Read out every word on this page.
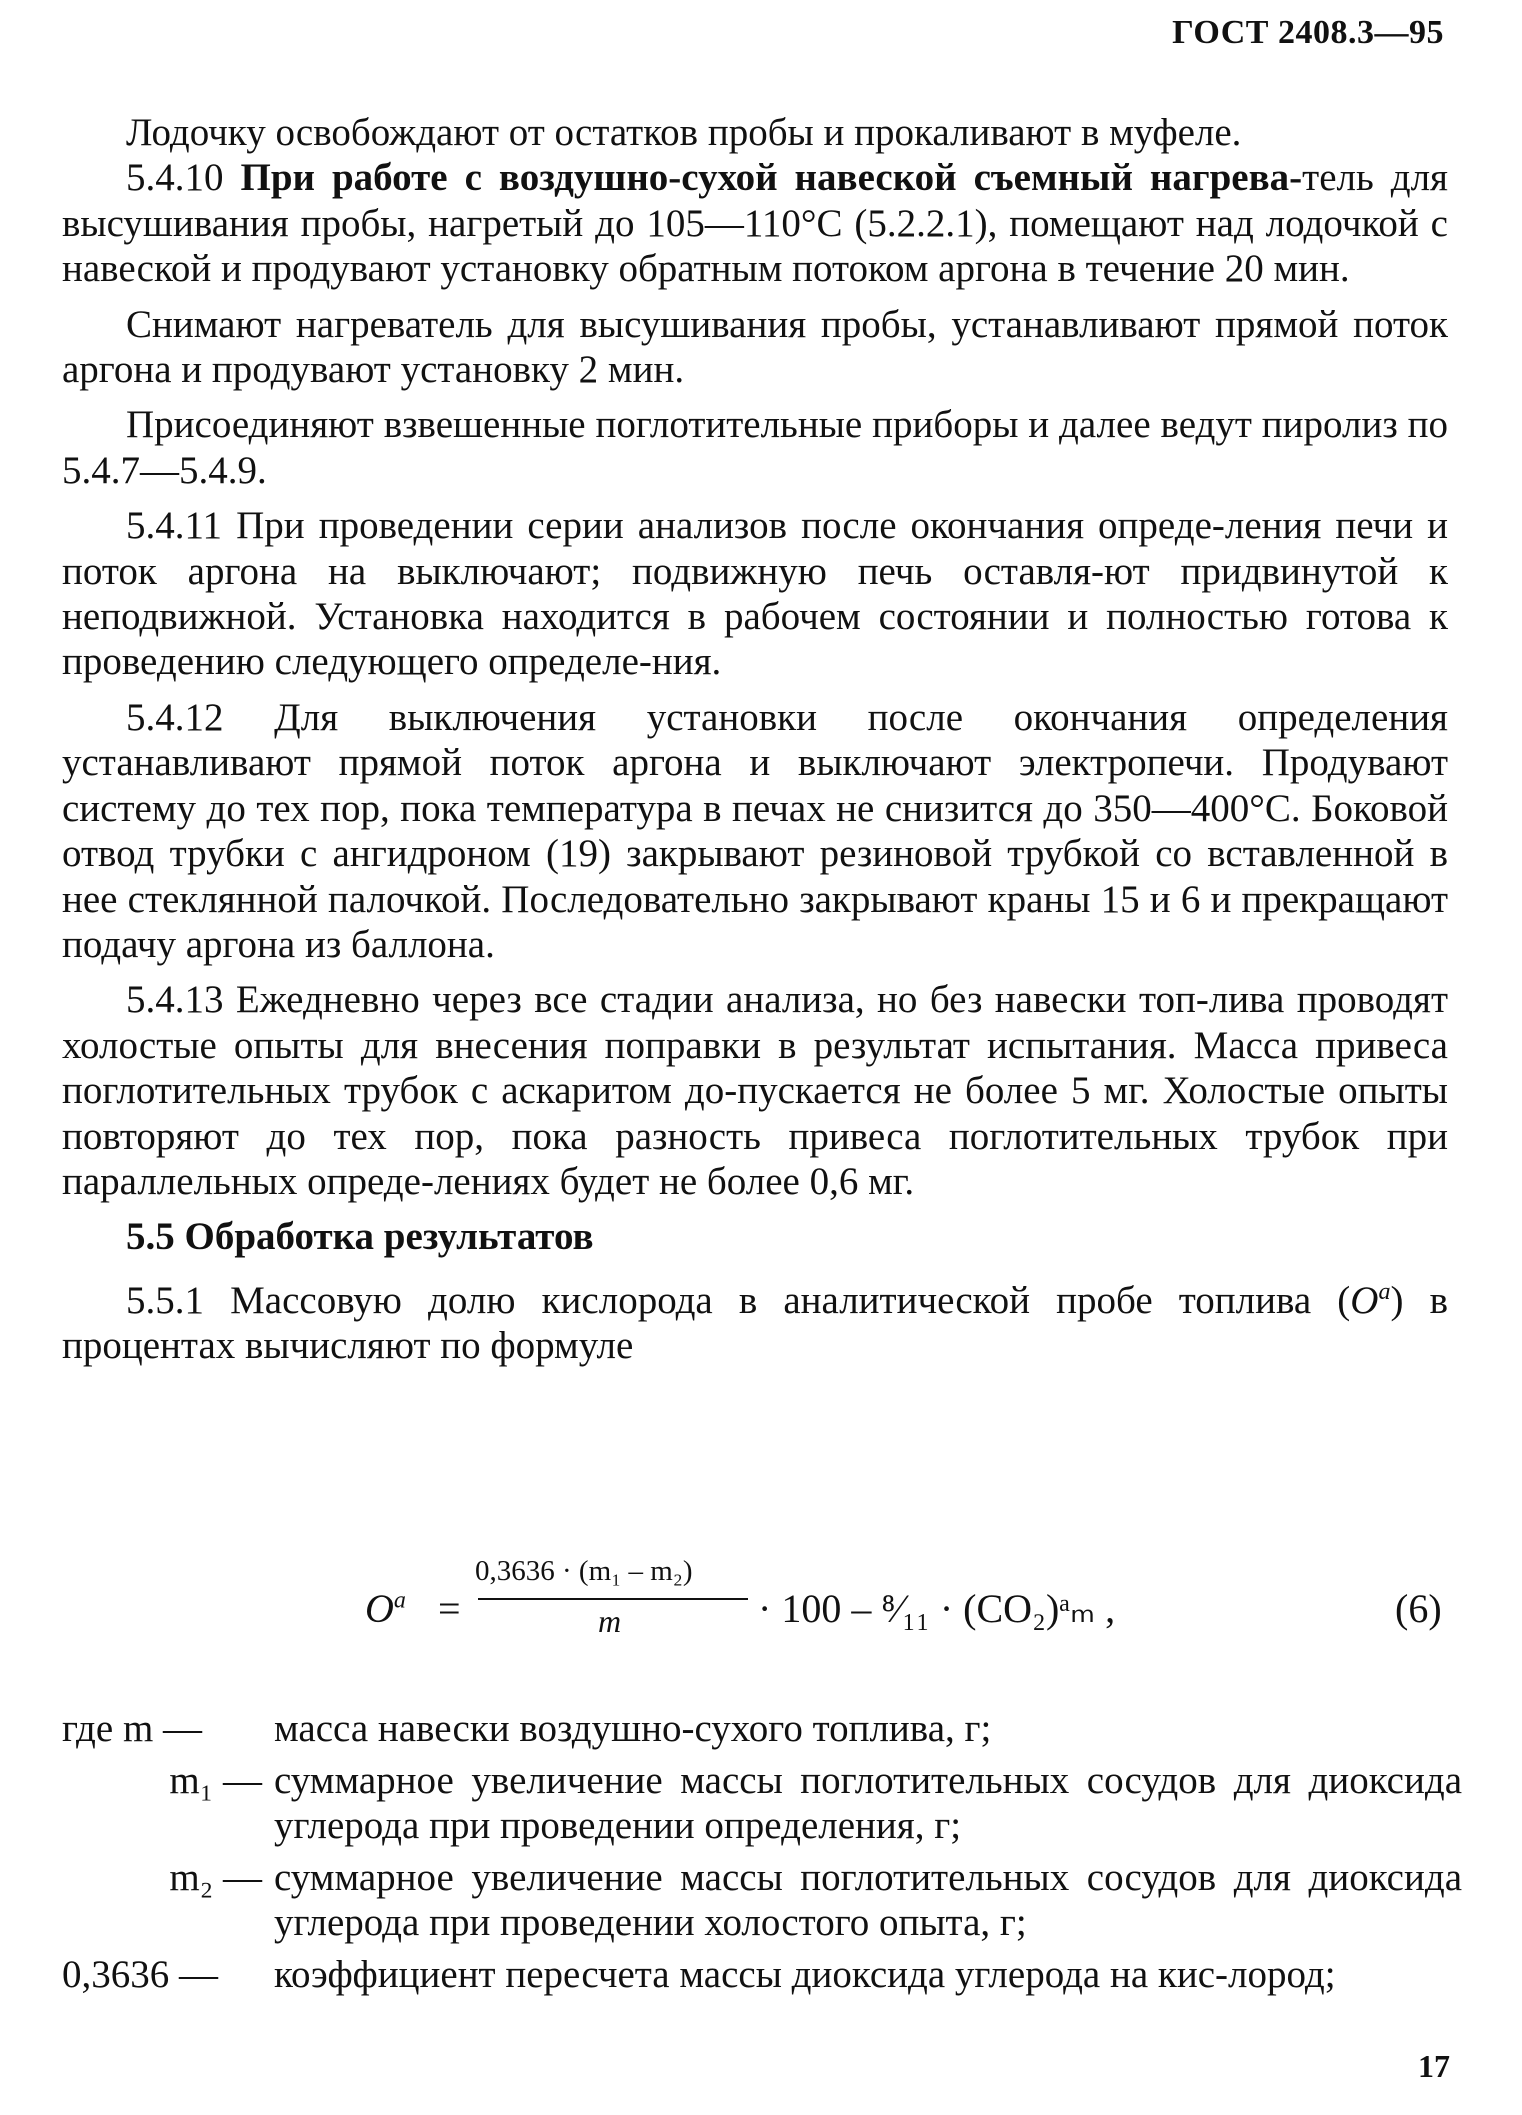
ГОСТ 2408.3—95

Лодочку освобождают от остатков пробы и прокаливают в муфеле.

5.4.10 При работе с воздушно-сухой навеской съемный нагрева-тель для высушивания пробы, нагретый до 105—110°С (5.2.2.1), помещают над лодочкой с навеской и продувают установку обратным потоком аргона в течение 20 мин.

Снимают нагреватель для высушивания пробы, устанавливают прямой поток аргона и продувают установку 2 мин.

Присоединяют взвешенные поглотительные приборы и далее ведут пиролиз по 5.4.7—5.4.9.

5.4.11 При проведении серии анализов после окончания опреде-ления печи и поток аргона на выключают; подвижную печь оставля-ют придвинутой к неподвижной. Установка находится в рабочем состоянии и полностью готова к проведению следующего определе-ния.

5.4.12 Для выключения установки после окончания определения устанавливают прямой поток аргона и выключают электропечи. Продувают систему до тех пор, пока температура в печах не снизится до 350—400°С. Боковой отвод трубки с ангидроном (19) закрывают резиновой трубкой со вставленной в нее стеклянной палочкой. Последовательно закрывают краны 15 и 6 и прекращают подачу аргона из баллона.

5.4.13 Ежедневно через все стадии анализа, но без навески топ-лива проводят холостые опыты для внесения поправки в результат испытания. Масса привеса поглотительных трубок с аскаритом до-пускается не более 5 мг. Холостые опыты повторяют до тех пор, пока разность привеса поглотительных трубок при параллельных опреде-лениях будет не более 0,6 мг.

5.5 Обработка результатов

5.5.1 Массовую долю кислорода в аналитической пробе топлива $(O^a)$ в процентах вычисляют по формуле

$O^a$ =
0,3636 · (m₁ – m₂)
m	· 100 – ⁸⁄₁₁ · (CO₂)ᵃₘ ,	(6)
где m —	масса навески воздушно-сухого топлива, г;
m₁ — суммарное увеличение массы поглотительных сосудов для диоксида углерода при проведении определения, г;
m₂ — суммарное увеличение массы поглотительных сосудов для диоксида углерода при проведении холостого опыта, г;
0,3636 —	коэффициент пересчета массы диоксида углерода на кис-лород;
17
